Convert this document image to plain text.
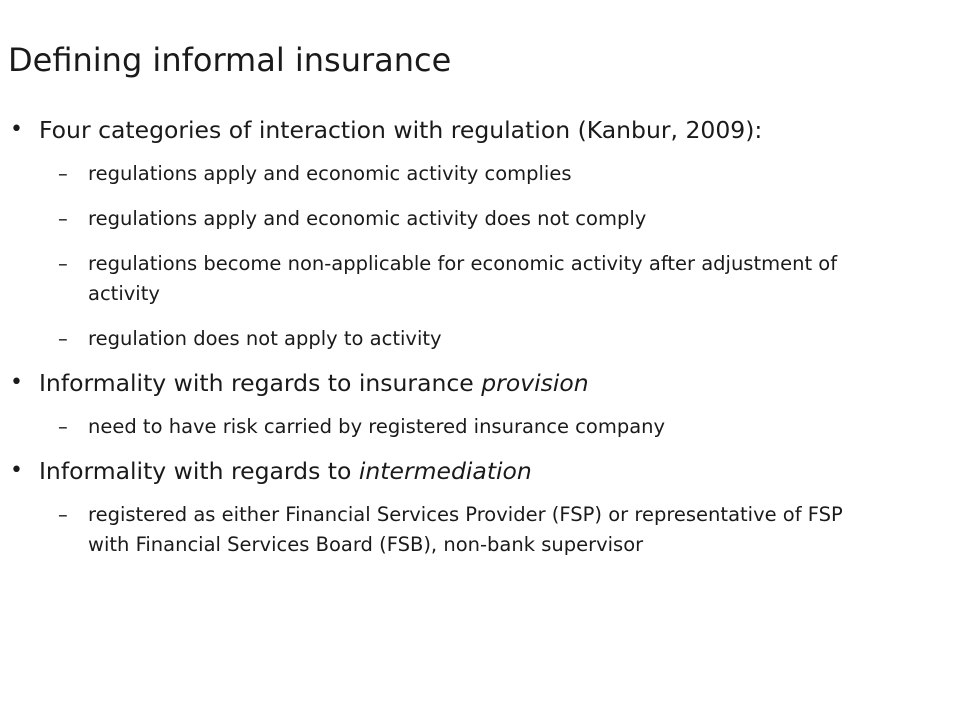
Defining informal insurance
• Four categories of interaction with regulation (Kanbur, 2009):
– regulations apply and economic activity complies
– regulations apply and economic activity does not comply
– regulations become non-applicable for economic activity after adjustment of activity
– regulation does not apply to activity
• Informality with regards to insurance provision
– need to have risk carried by registered insurance company
• Informality with regards to intermediation
– registered as either Financial Services Provider (FSP) or representative of FSP with Financial Services Board (FSB), non-bank supervisor
